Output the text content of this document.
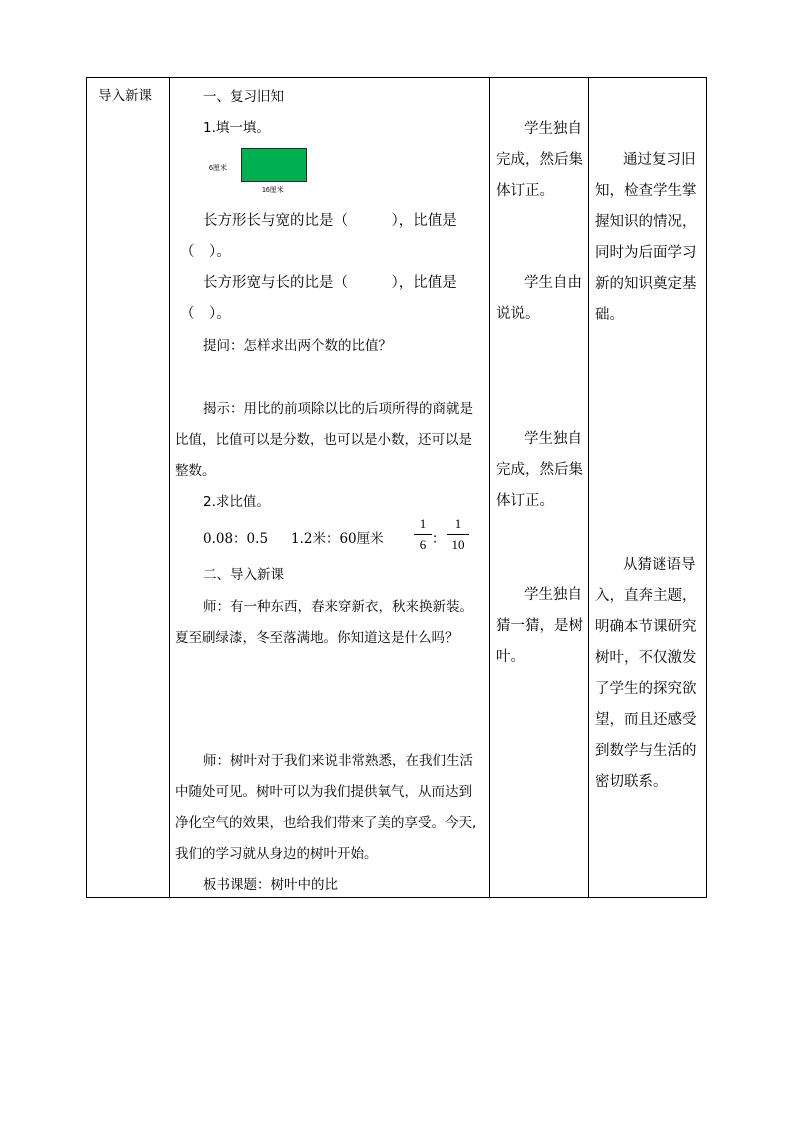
导入新课	一、复习旧知
1.填一填。
6厘米
16厘米
长方形长与宽的比是（　　　），比值是
（　）。
长方形宽与长的比是（　　　），比值是
（　）。
提问：怎样求出两个数的比值？
揭示：用比的前项除以比的后项所得的商就是
比值，比值可以是分数，也可以是小数，还可以是
整数。
2.求比值。
0.08：0.5 1.2米：60厘米
1
6 ：
1
10
二、导入新课
师：有一种东西，春来穿新衣，秋来换新装。
夏至刷绿漆，冬至落满地。你知道这是什么吗？
师：树叶对于我们来说非常熟悉，在我们生活
中随处可见。树叶可以为我们提供氧气，从而达到
净化空气的效果，也给我们带来了美的享受。今天,
我们的学习就从身边的树叶开始。
板书课题：树叶中的比
学生独自
完成，然后集
体订正。
学生自由
说说。
学生独自
完成，然后集
体订正。
学生独自
猜一猜，是树
叶。
通过复习旧
知，检查学生掌
握知识的情况，
同时为后面学习
新的知识奠定基
础。
从猜谜语导
入，直奔主题，
明确本节课研究
树叶，不仅激发
了学生的探究欲
望，而且还感受
到数学与生活的
密切联系。
